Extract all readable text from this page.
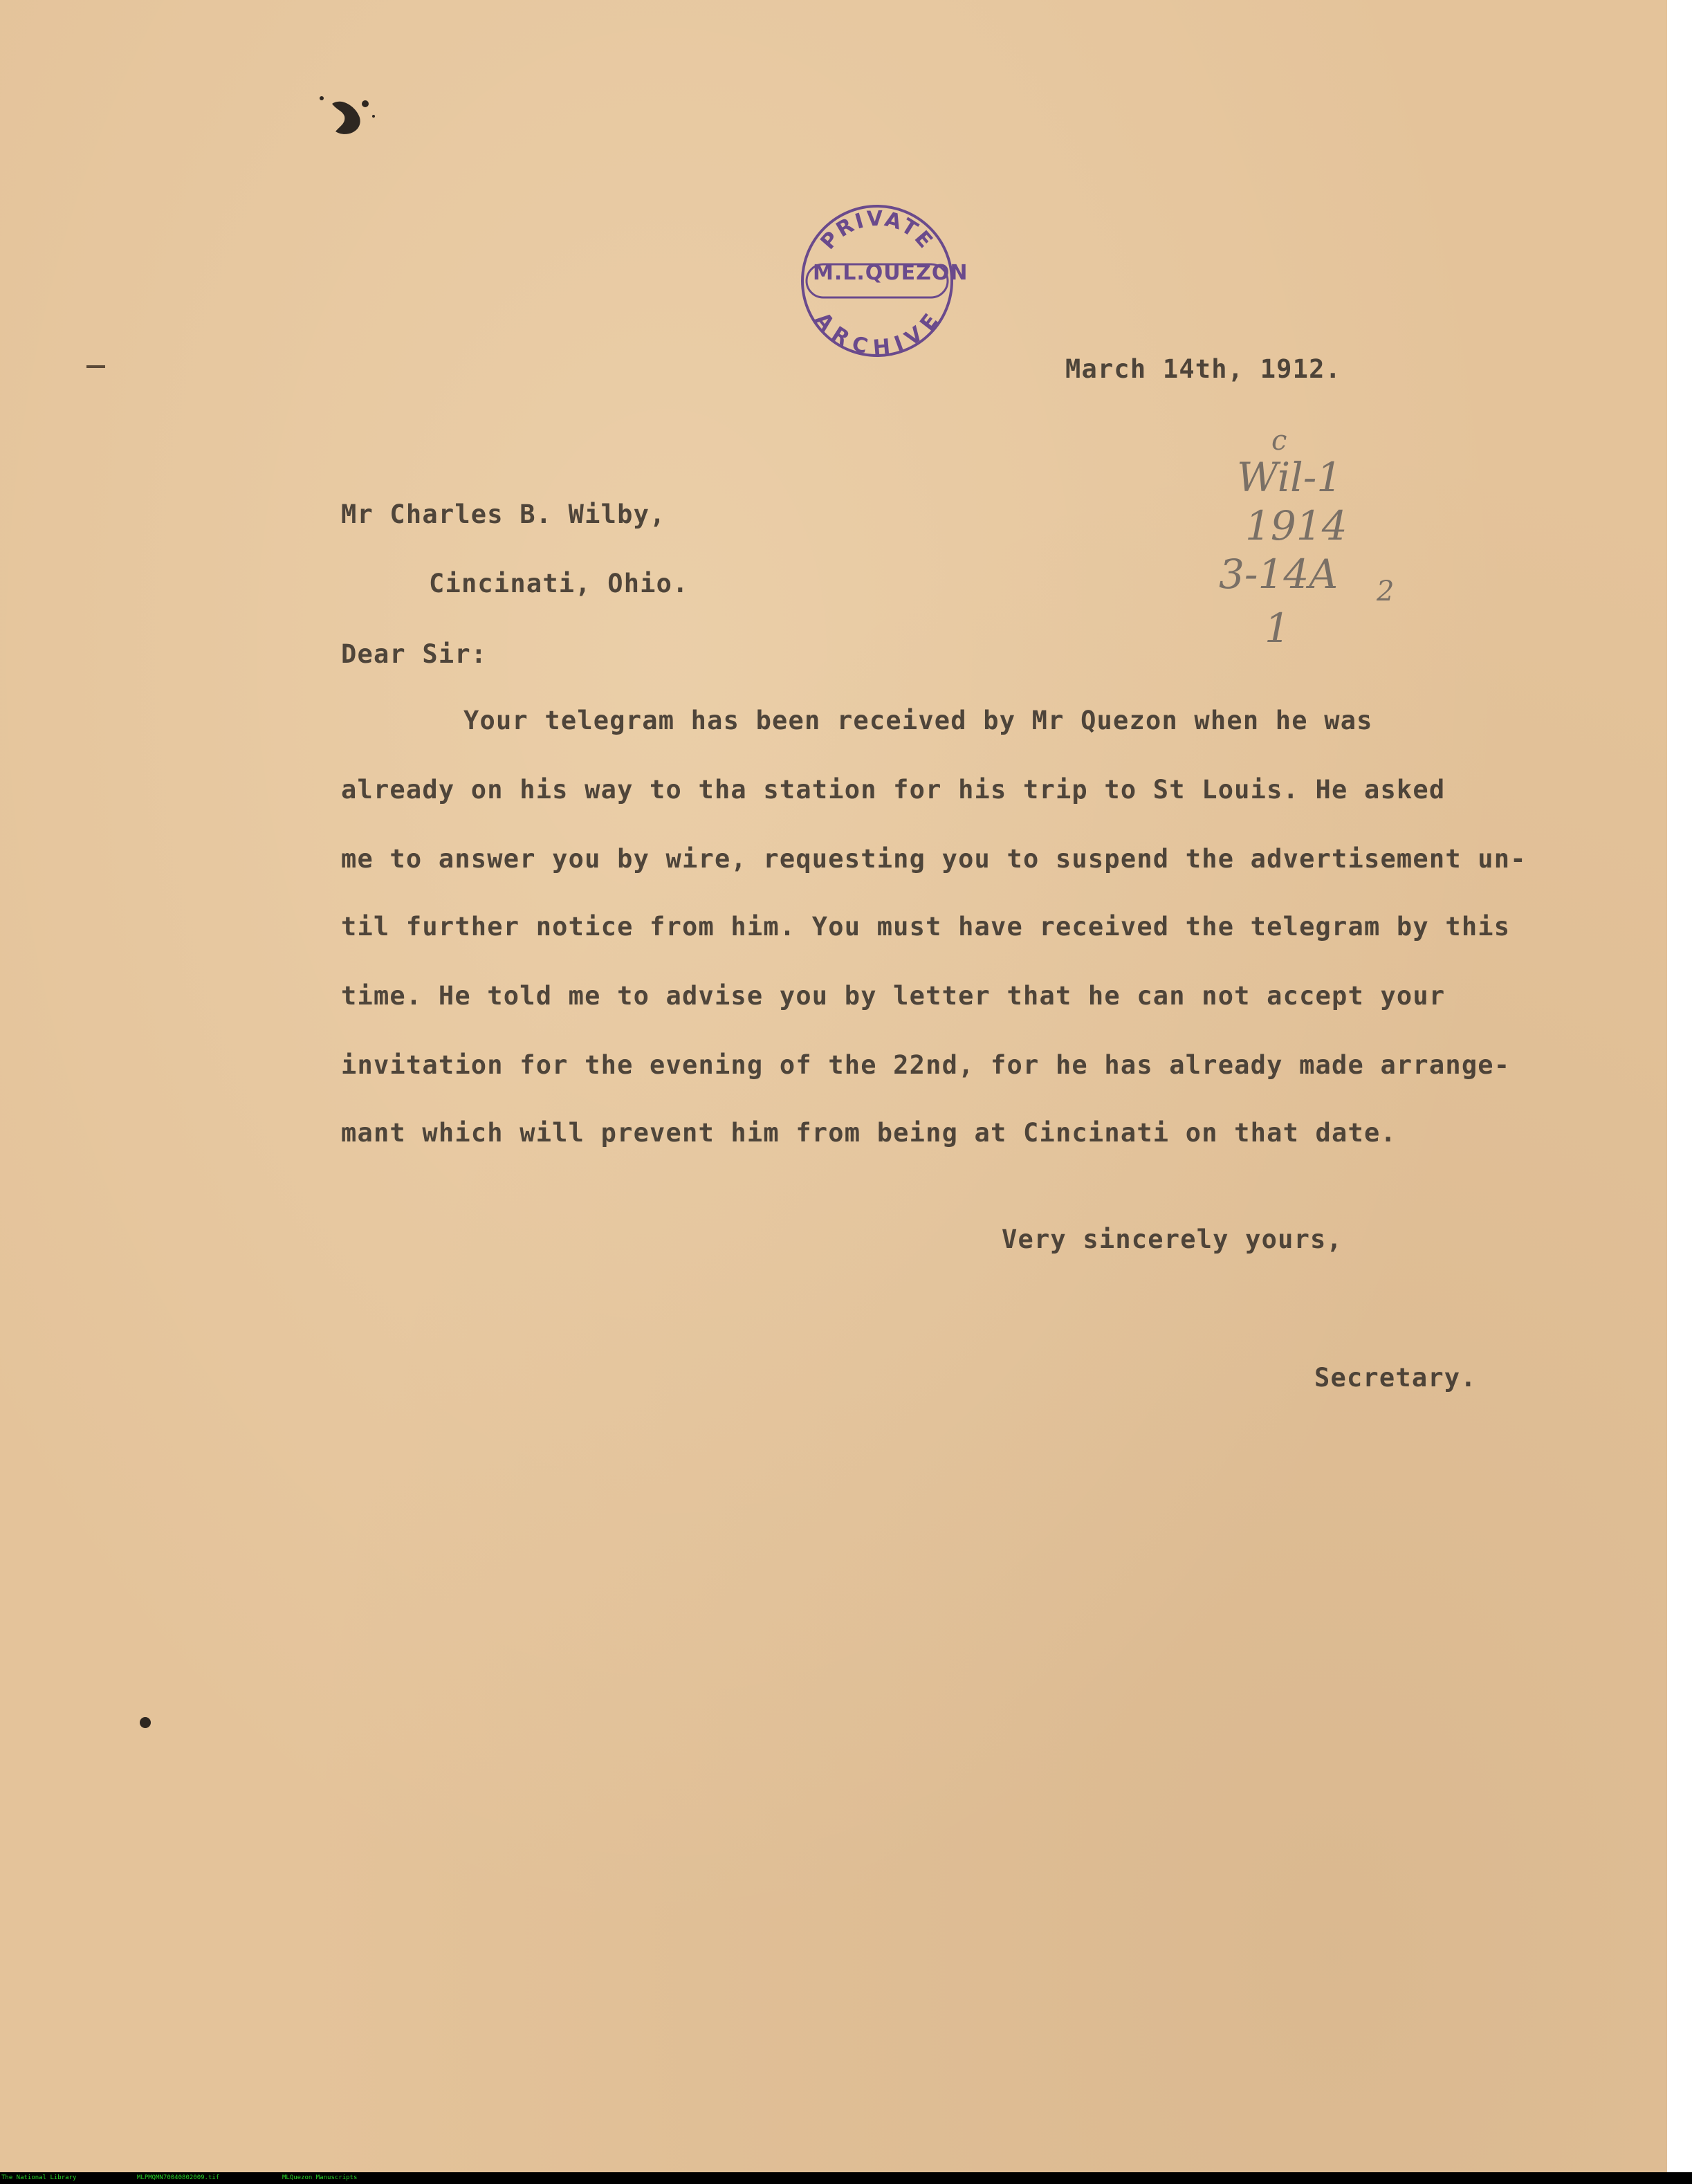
PRIVATE
ARCHIVE
M.L.QUEZON
c
Wil-1
1914
3-14A 2
1
March 14th, 1912.
Mr Charles B. Wilby,
Cincinati, Ohio.
Dear Sir:
Your telegram has been received by Mr Quezon when he was
already on his way to tha station for his trip to St Louis. He asked
me to answer you by wire, requesting you to suspend the advertisement un-
til further notice from him. You must have received the telegram by this
time. He told me to advise you by letter that he can not accept your
invitation for the evening of the 22nd, for he has already made arrange-
mant which will prevent him from being at Cincinati on that date.
Very sincerely yours,
Secretary.
The National Library	MLPMQMN70040802009.tif	MLQuezon Manuscripts
